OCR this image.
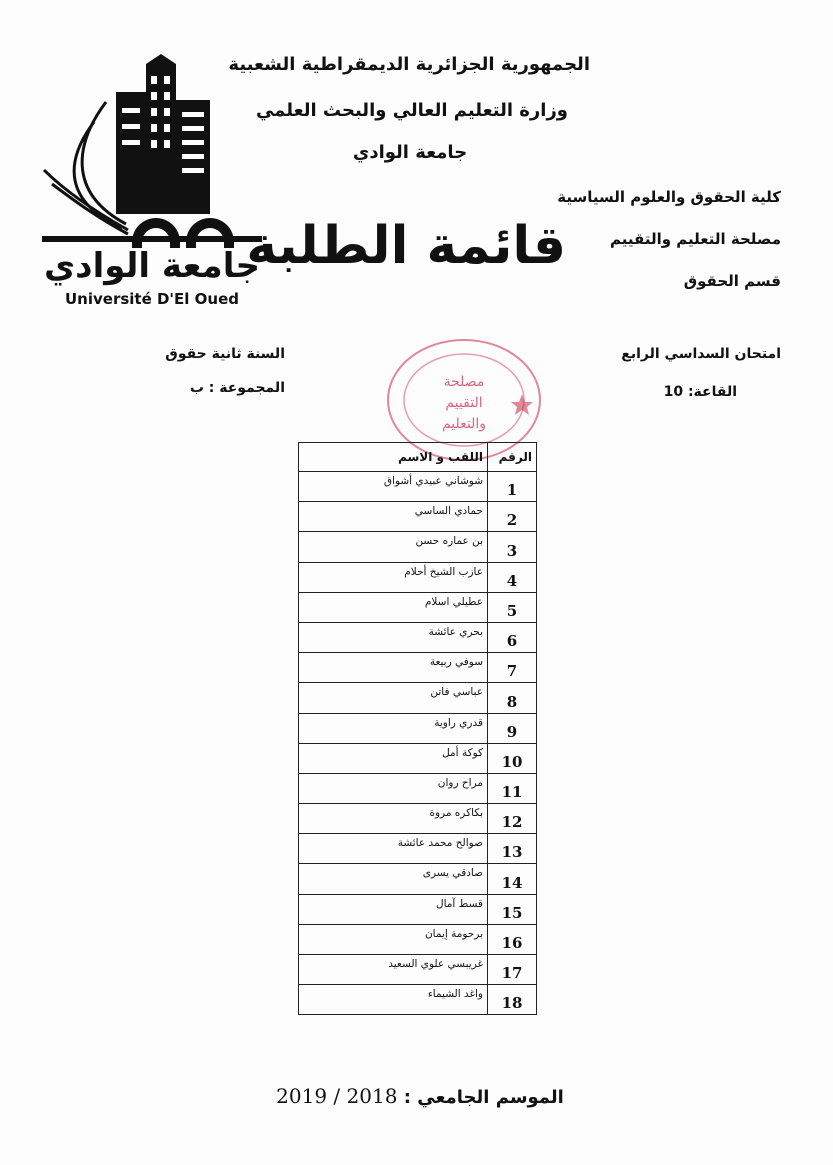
جامعة الوادي
Université D'El Oued
الجمهورية الجزائرية الديمقراطية الشعبية
وزارة التعليم العالي والبحث العلمي
جامعة الوادي
كلية الحقوق والعلوم السياسية
مصلحة التعليم والتقييم
قسم الحقوق
قائمة الطلبة
امتحان السداسي الرابع
القاعة: 10
السنة ثانية حقوق
المجموعة : ب	مصلحة
التقييم
والتعليم
الرقم	اللقب و الاسم
1	شوشاني عبيدي أشواق
2	حمادي الساسي
3	بن عماره حسن
4	عازب الشيخ أحلام
5	عطيلي اسلام
6	بحري عائشة
7	سوفي ربيعة
8	عباسي فاتن
9	قدري راوية
10	كوكة أمل
11	مراح روان
12	بكاكره مروة
13	صوالح محمد عائشة
14	صادقي يسرى
15	قسط آمال
16	برحومة إيمان
17	غريبسي علوي السعيد
18	واغد الشيماء
الموسم الجامعي : 2018 / 2019
